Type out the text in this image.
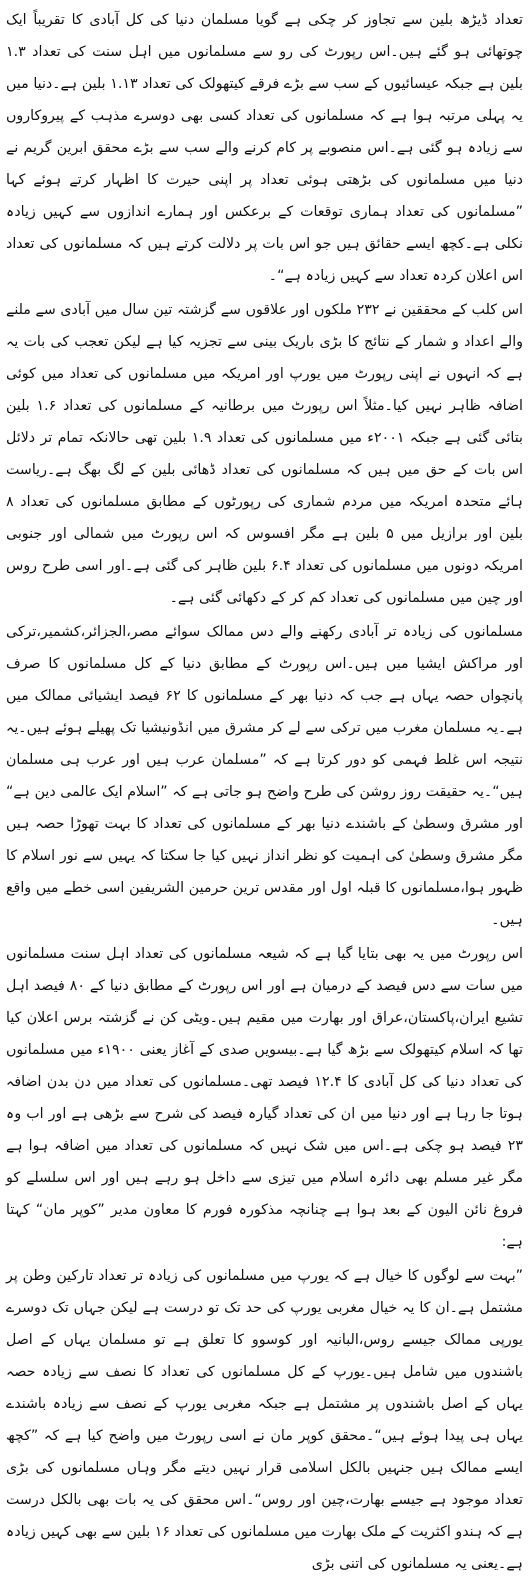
تعداد ڈیڑھ بلین سے تجاوز کر چکی ہے گویا مسلمان دنیا کی کل آبادی کا تقریباً ایک چوتھائی ہو گئے ہیں۔اس رپورٹ کی رو سے مسلمانوں میں اہل سنت کی تعداد ۱.۳ بلین ہے جبکہ عیسائیوں کے سب سے بڑے فرقے کیتھولک کی تعداد ۱.۱۳ بلین ہے۔دنیا میں یہ پہلی مرتبہ ہوا ہے کہ مسلمانوں کی تعداد کسی بھی دوسرے مذہب کے پیروکاروں سے زیادہ ہو گئی ہے۔اس منصوبے پر کام کرنے والے سب سے بڑے محقق ابرین گریم نے دنیا میں مسلمانوں کی بڑھتی ہوئی تعداد پر اپنی حیرت کا اظہار کرتے ہوئے کہا ”مسلمانوں کی تعداد ہماری توقعات کے برعکس اور ہمارے اندازوں سے کہیں زیادہ نکلی ہے۔کچھ ایسے حقائق ہیں جو اس بات پر دلالت کرتے ہیں کہ مسلمانوں کی تعداد اس اعلان کردہ تعداد سے کہیں زیادہ ہے“۔

اس کلب کے محققین نے ۲۳۲ ملکوں اور علاقوں سے گزشتہ تین سال میں آبادی سے ملنے والے اعداد و شمار کے نتائج کا بڑی باریک بینی سے تجزیہ کیا ہے لیکن تعجب کی بات یہ ہے کہ انہوں نے اپنی رپورٹ میں یورپ اور امریکہ میں مسلمانوں کی تعداد میں کوئی اضافہ ظاہر نہیں کیا۔مثلاً اس رپورٹ میں برطانیہ کے مسلمانوں کی تعداد ۱.۶ بلین بتائی گئی ہے جبکہ ۲۰۰۱ء میں مسلمانوں کی تعداد ۱.۹ بلین تھی حالانکہ تمام تر دلائل اس بات کے حق میں ہیں کہ مسلمانوں کی تعداد ڈھائی بلین کے لگ بھگ ہے۔ریاست ہائے متحدہ امریکہ میں مردم شماری کی رپورٹوں کے مطابق مسلمانوں کی تعداد ۸ بلین اور برازیل میں ۵ بلین ہے مگر افسوس کہ اس رپورٹ میں شمالی اور جنوبی امریکہ دونوں میں مسلمانوں کی تعداد ۶.۴ بلین ظاہر کی گئی ہے۔اور اسی طرح روس اور چین میں مسلمانوں کی تعداد کم کر کے دکھائی گئی ہے۔

مسلمانوں کی زیادہ تر آبادی رکھنے والے دس ممالک سوائے مصر،الجزائر،کشمیر،ترکی اور مراکش ایشیا میں ہیں۔اس رپورٹ کے مطابق دنیا کے کل مسلمانوں کا صرف پانچواں حصہ یہاں ہے جب کہ دنیا بھر کے مسلمانوں کا ۶۲ فیصد ایشیائی ممالک میں ہے۔یہ مسلمان مغرب میں ترکی سے لے کر مشرق میں انڈونیشیا تک پھیلے ہوئے ہیں۔یہ نتیجہ اس غلط فہمی کو دور کرتا ہے کہ ”مسلمان عرب ہیں اور عرب ہی مسلمان ہیں“۔یہ حقیقت روز روشن کی طرح واضح ہو جاتی ہے کہ ”اسلام ایک عالمی دین ہے“ اور مشرق وسطیٰ کے باشندے دنیا بھر کے مسلمانوں کی تعداد کا بہت تھوڑا حصہ ہیں مگر مشرق وسطیٰ کی اہمیت کو نظر انداز نہیں کیا جا سکتا کہ یہیں سے نور اسلام کا ظہور ہوا،مسلمانوں کا قبلہ اول اور مقدس ترین حرمین الشریفین اسی خطے میں واقع ہیں۔

اس رپورٹ میں یہ بھی بتایا گیا ہے کہ شیعہ مسلمانوں کی تعداد اہل سنت مسلمانوں میں سات سے دس فیصد کے درمیان ہے اور اس رپورٹ کے مطابق دنیا کے ۸۰ فیصد اہل تشیع ایران،پاکستان،عراق اور بھارت میں مقیم ہیں۔ویٹی کن نے گزشتہ برس اعلان کیا تھا کہ اسلام کیتھولک سے بڑھ گیا ہے۔بیسویں صدی کے آغاز یعنی ۱۹۰۰ء میں مسلمانوں کی تعداد دنیا کی کل آبادی کا ۱۲.۴ فیصد تھی۔مسلمانوں کی تعداد میں دن بدن اضافہ ہوتا جا رہا ہے اور دنیا میں ان کی تعداد گیارہ فیصد کی شرح سے بڑھی ہے اور اب وہ ۲۳ فیصد ہو چکی ہے۔اس میں شک نہیں کہ مسلمانوں کی تعداد میں اضافہ ہوا ہے مگر غیر مسلم بھی دائرہ اسلام میں تیزی سے داخل ہو رہے ہیں اور اس سلسلے کو فروغ نائن الیون کے بعد ہوا ہے چنانچہ مذکورہ فورم کا معاون مدیر ”کوپر مان“ کہتا ہے:

”بہت سے لوگوں کا خیال ہے کہ یورپ میں مسلمانوں کی زیادہ تر تعداد تارکین وطن پر مشتمل ہے۔ان کا یہ خیال مغربی یورپ کی حد تک تو درست ہے لیکن جہاں تک دوسرے یورپی ممالک جیسے روس،البانیہ اور کوسوو کا تعلق ہے تو مسلمان یہاں کے اصل باشندوں میں شامل ہیں۔یورپ کے کل مسلمانوں کی تعداد کا نصف سے زیادہ حصہ یہاں کے اصل باشندوں پر مشتمل ہے جبکہ مغربی یورپ کے نصف سے زیادہ باشندے یہاں ہی پیدا ہوئے ہیں“۔محقق کوپر مان نے اسی رپورٹ میں واضح کیا ہے کہ ”کچھ ایسے ممالک ہیں جنہیں بالکل اسلامی قرار نہیں دیتے مگر وہاں مسلمانوں کی بڑی تعداد موجود ہے جیسے بھارت،چین اور روس“۔اس محقق کی یہ بات بھی بالکل درست ہے کہ ہندو اکثریت کے ملک بھارت میں مسلمانوں کی تعداد ۱۶ بلین سے بھی کہیں زیادہ ہے۔یعنی یہ مسلمانوں کی اتنی بڑی
